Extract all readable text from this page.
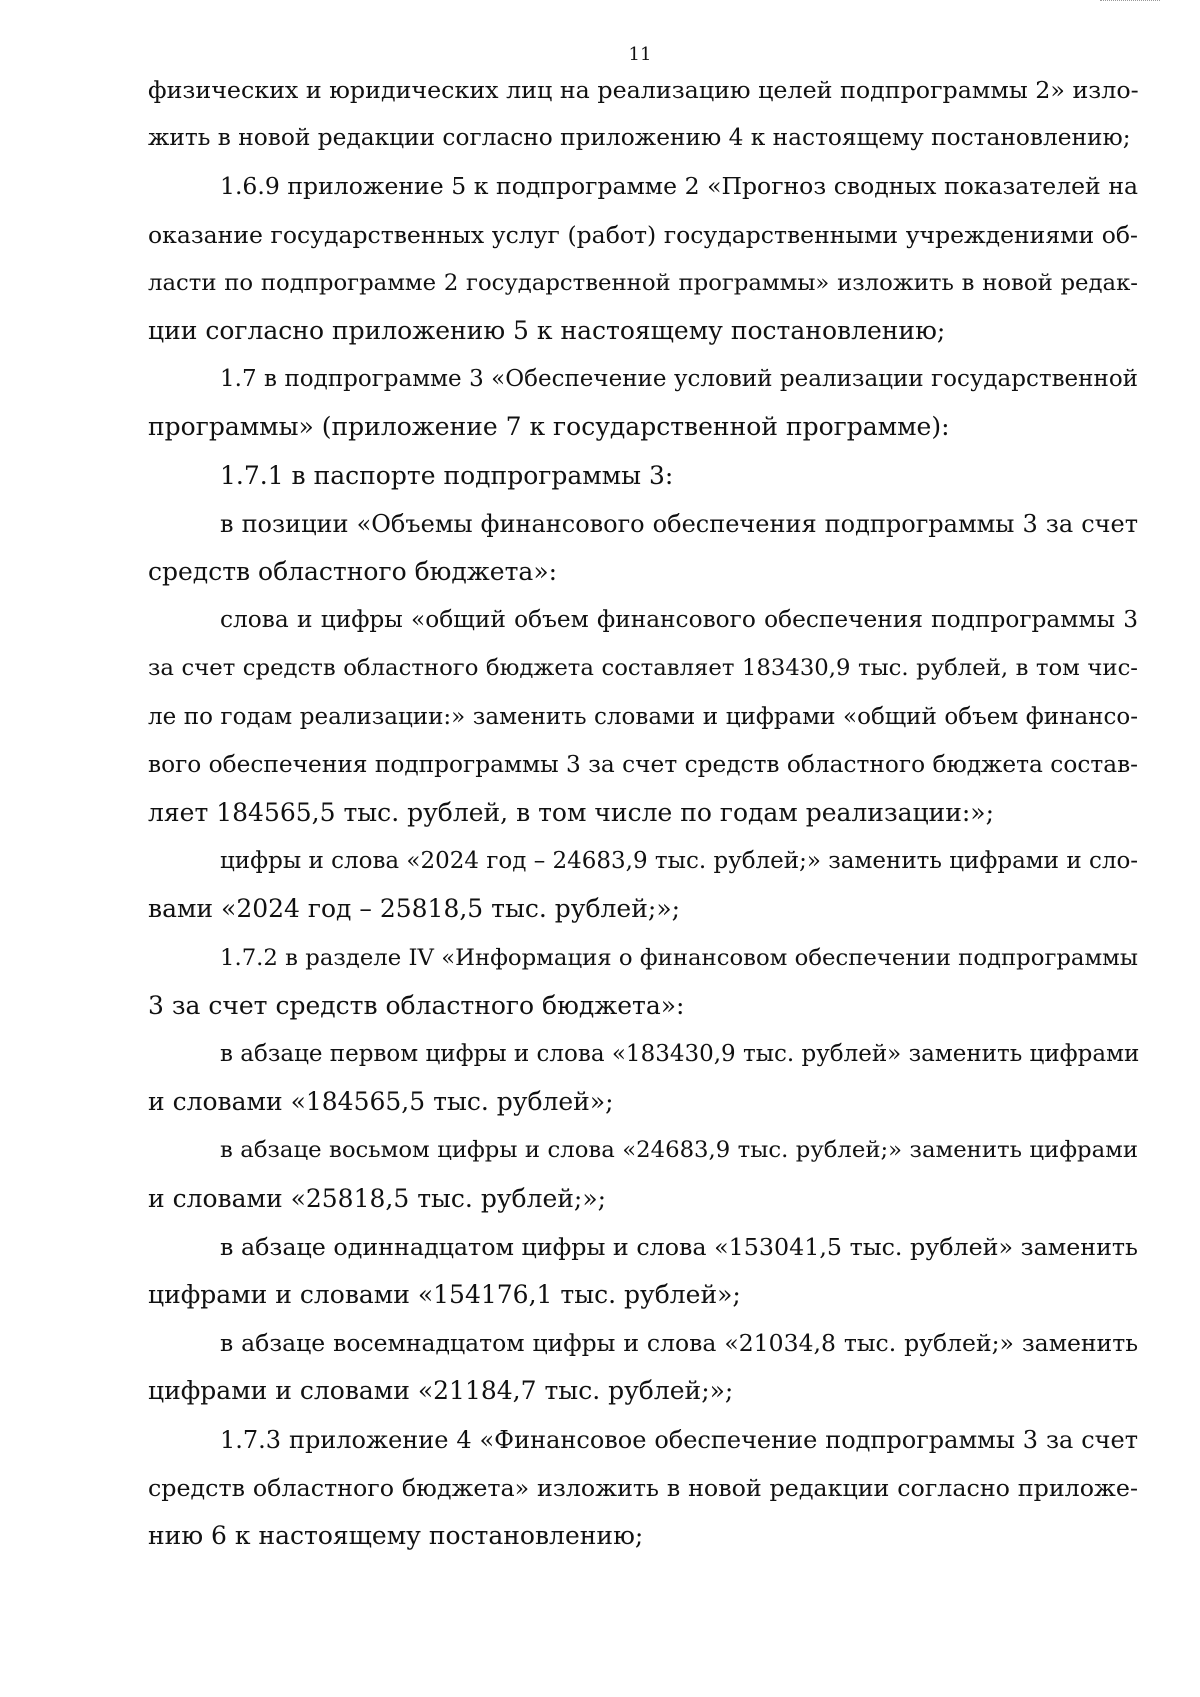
11

физических и юридических лиц на реализацию целей подпрограммы 2» изло-
жить в новой редакции согласно приложению 4 к настоящему постановлению;

1.6.9 приложение 5 к подпрограмме 2 «Прогноз сводных показателей на
оказание государственных услуг (работ) государственными учреждениями об-
ласти по подпрограмме 2 государственной программы» изложить в новой редак-
ции согласно приложению 5 к настоящему постановлению;

1.7 в подпрограмме 3 «Обеспечение условий реализации государственной
программы» (приложение 7 к государственной программе):

1.7.1 в паспорте подпрограммы 3:

в позиции «Объемы финансового обеспечения подпрограммы 3 за счет
средств областного бюджета»:

слова и цифры «общий объем финансового обеспечения подпрограммы 3
за счет средств областного бюджета составляет 183430,9 тыс. рублей, в том чис-
ле по годам реализации:» заменить словами и цифрами «общий объем финансо-
вого обеспечения подпрограммы 3 за счет средств областного бюджета состав-
ляет 184565,5 тыс. рублей, в том числе по годам реализации:»;

цифры и слова «2024 год – 24683,9 тыс. рублей;» заменить цифрами и сло-
вами «2024 год – 25818,5 тыс. рублей;»;

1.7.2 в разделе IV «Информация о финансовом обеспечении подпрограммы
3 за счет средств областного бюджета»:

в абзаце первом цифры и слова «183430,9 тыс. рублей» заменить цифрами
и словами «184565,5 тыс. рублей»;

в абзаце восьмом цифры и слова «24683,9 тыс. рублей;» заменить цифрами
и словами «25818,5 тыс. рублей;»;

в абзаце одиннадцатом цифры и слова «153041,5 тыс. рублей» заменить
цифрами и словами «154176,1 тыс. рублей»;

в абзаце восемнадцатом цифры и слова «21034,8 тыс. рублей;» заменить
цифрами и словами «21184,7 тыс. рублей;»;

1.7.3 приложение 4 «Финансовое обеспечение подпрограммы 3 за счет
средств областного бюджета» изложить в новой редакции согласно приложе-
нию 6 к настоящему постановлению;
